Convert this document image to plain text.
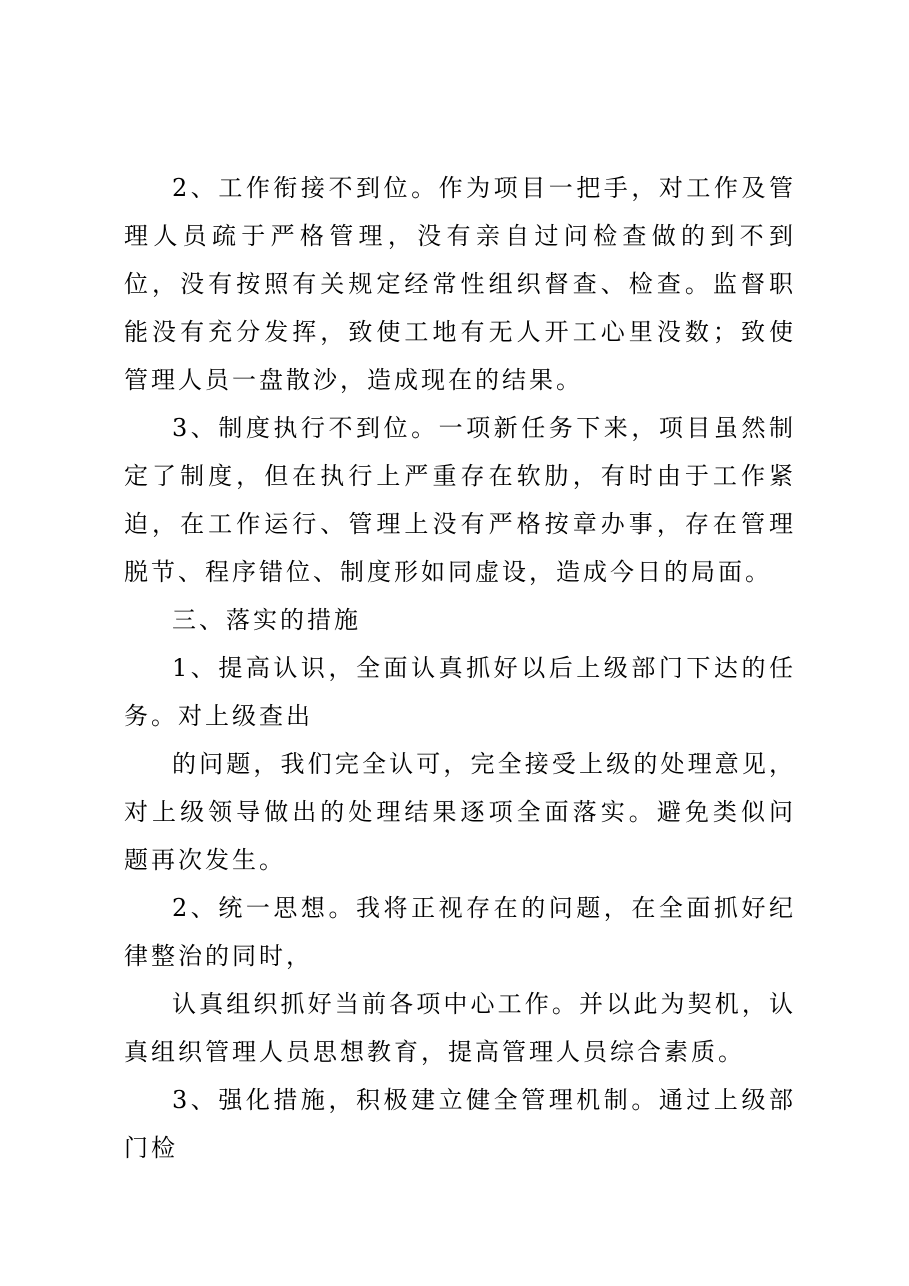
2、工作衔接不到位。作为项目一把手，对工作及管理人员疏于严格管理，没有亲自过问检查做的到不到位，没有按照有关规定经常性组织督查、检查。监督职能没有充分发挥，致使工地有无人开工心里没数；致使管理人员一盘散沙，造成现在的结果。

3、制度执行不到位。一项新任务下来，项目虽然制定了制度，但在执行上严重存在软肋，有时由于工作紧迫，在工作运行、管理上没有严格按章办事，存在管理脱节、程序错位、制度形如同虚设，造成今日的局面。

三、落实的措施

1、提高认识，全面认真抓好以后上级部门下达的任务。对上级查出

的问题，我们完全认可，完全接受上级的处理意见，对上级领导做出的处理结果逐项全面落实。避免类似问题再次发生。

2、统一思想。我将正视存在的问题，在全面抓好纪律整治的同时，

认真组织抓好当前各项中心工作。并以此为契机，认真组织管理人员思想教育，提高管理人员综合素质。

3、强化措施，积极建立健全管理机制。通过上级部门检
